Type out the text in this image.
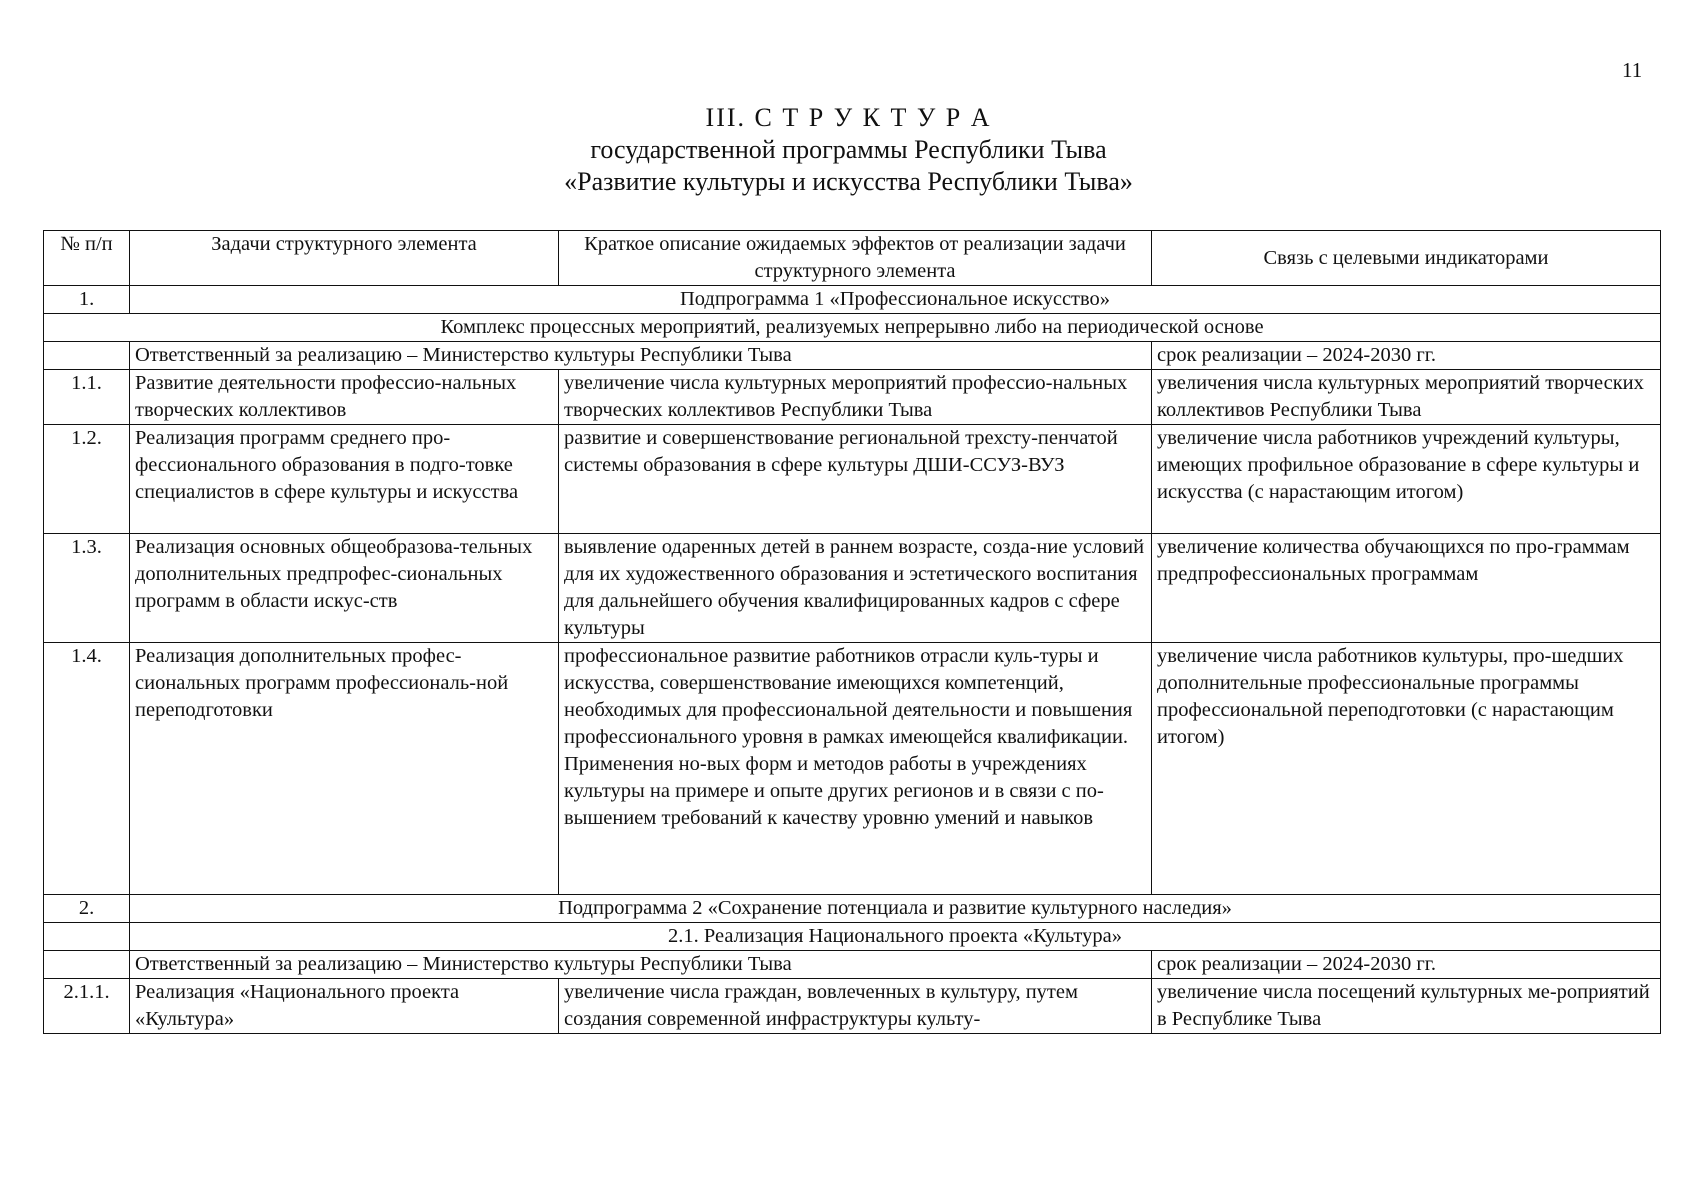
11
III. С Т Р У К Т У Р А
государственной программы Республики Тыва
«Развитие культуры и искусства Республики Тыва»
№ п/п	Задачи структурного элемента	Краткое описание ожидаемых эффектов от реализации задачи структурного элемента	Связь с целевыми индикаторами
1.	Подпрограмма 1 «Профессиональное искусство»		
Комплекс процессных мероприятий, реализуемых непрерывно либо на периодической основе			
	Ответственный за реализацию – Министерство культуры Республики Тыва		срок реализации – 2024-2030 гг.
1.1.	Развитие деятельности профессио-нальных творческих коллективов	увеличение числа культурных мероприятий профессио-нальных творческих коллективов Республики Тыва	увеличения числа культурных мероприятий творческих коллективов Республики Тыва
1.2.	Реализация программ среднего про-фессионального образования в подго-товке специалистов в сфере культуры и искусства	развитие и совершенствование региональной трехсту-пенчатой системы образования в сфере культуры ДШИ-ССУЗ-ВУЗ	увеличение числа работников учреждений культуры, имеющих профильное образование в сфере культуры и искусства (с нарастающим итогом)
1.3.	Реализация основных общеобразова-тельных дополнительных предпрофес-сиональных программ в области искус-ств	выявление одаренных детей в раннем возрасте, созда-ние условий для их художественного образования и эстетического воспитания для дальнейшего обучения квалифицированных кадров с сфере культуры	увеличение количества обучающихся по про-граммам предпрофессиональных программам
1.4.	Реализация дополнительных профес-сиональных программ профессиональ-ной переподготовки	профессиональное развитие работников отрасли куль-туры и искусства, совершенствование имеющихся компетенций, необходимых для профессиональной деятельности и повышения профессионального уровня в рамках имеющейся квалификации. Применения но-вых форм и методов работы в учреждениях культуры на примере и опыте других регионов и в связи с по-вышением требований к качеству уровню умений и навыков	увеличение числа работников культуры, про-шедших дополнительные профессиональные программы профессиональной переподготовки (с нарастающим итогом)
2.	Подпрограмма 2 «Сохранение потенциала и развитие культурного наследия»		
	2.1. Реализация Национального проекта «Культура»		
	Ответственный за реализацию – Министерство культуры Республики Тыва		срок реализации – 2024-2030 гг.
2.1.1.	Реализация «Национального проекта «Культура»	увеличение числа граждан, вовлеченных в культуру, путем создания современной инфраструктуры культу-	увеличение числа посещений культурных ме-роприятий в Республике Тыва
